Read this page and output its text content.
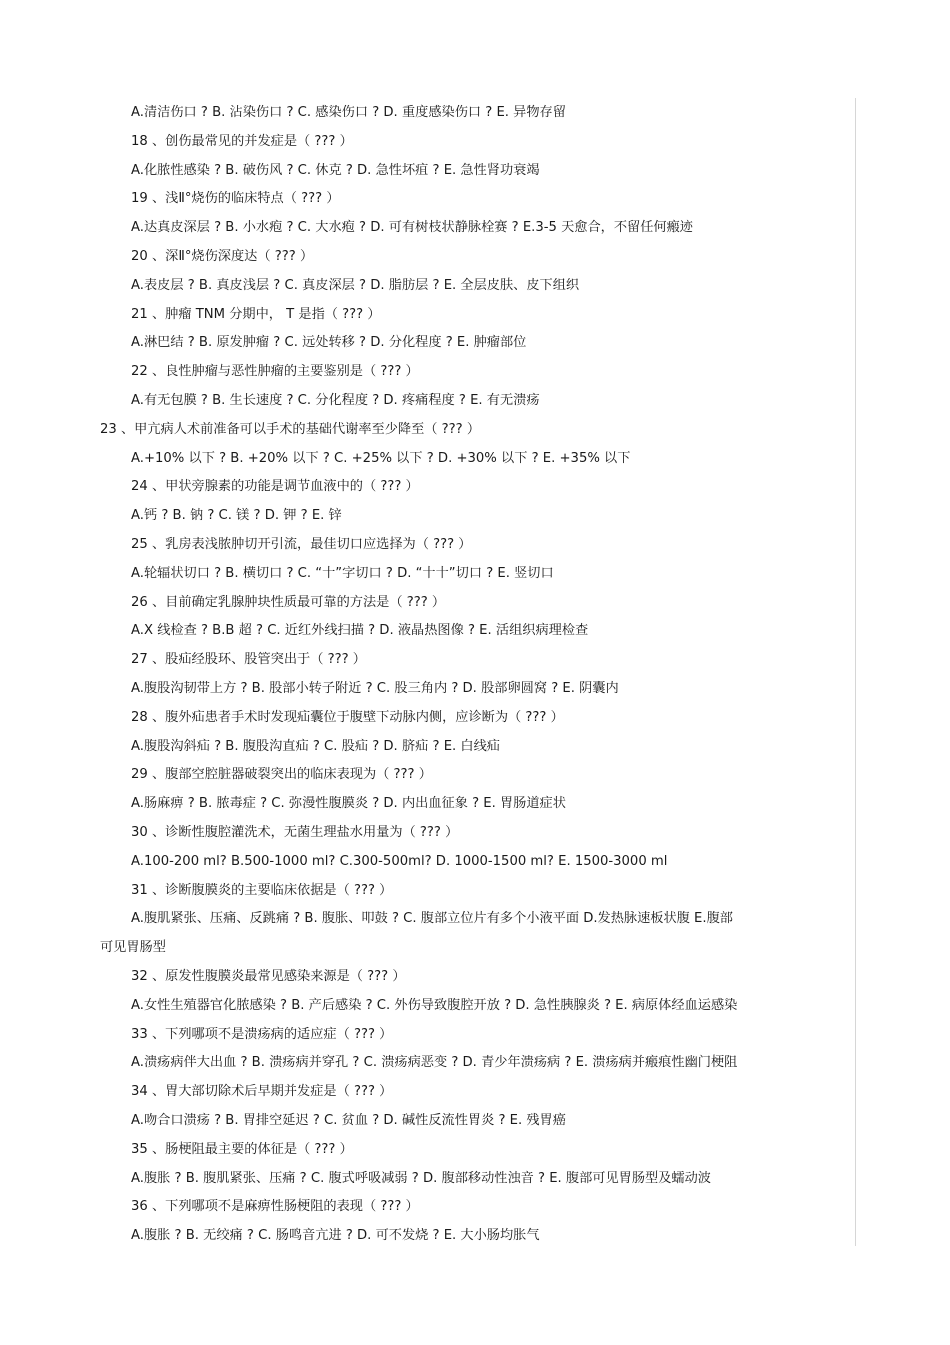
A.清洁伤口 ? B. 沾染伤口 ? C. 感染伤口 ? D. 重度感染伤口 ? E. 异物存留
18 、创伤最常见的并发症是（ ??? ）
A.化脓性感染 ? B. 破伤风 ? C. 休克 ? D. 急性坏疽 ? E. 急性肾功衰竭
19 、浅Ⅱ°烧伤的临床特点（ ??? ）
A.达真皮深层 ? B. 小水疱 ? C. 大水疱 ? D. 可有树枝状静脉栓赛 ? E.3-5 天愈合，不留任何瘢迹
20 、深Ⅱ°烧伤深度达（ ??? ）
A.表皮层 ? B. 真皮浅层 ? C. 真皮深层 ? D. 脂肪层 ? E. 全层皮肤、皮下组织
21 、肿瘤 TNM 分期中， T 是指（ ??? ）
A.淋巴结 ? B. 原发肿瘤 ? C. 远处转移 ? D. 分化程度 ? E. 肿瘤部位
22 、良性肿瘤与恶性肿瘤的主要鉴别是（ ??? ）
A.有无包膜 ? B. 生长速度 ? C. 分化程度 ? D. 疼痛程度 ? E. 有无溃疡
23 、甲亢病人术前准备可以手术的基础代谢率至少降至（ ??? ）
A.+10% 以下 ? B. +20% 以下 ? C. +25% 以下 ? D. +30% 以下 ? E. +35% 以下
24 、甲状旁腺素的功能是调节血液中的（ ??? ）
A.钙 ? B. 钠 ? C. 镁 ? D. 钾 ? E. 锌
25 、乳房表浅脓肿切开引流，最佳切口应选择为（ ??? ）
A.轮辐状切口 ? B. 横切口 ? C. “十”字切口 ? D. “十十”切口 ? E. 竖切口
26 、目前确定乳腺肿块性质最可靠的方法是（ ??? ）
A.X 线检查 ? B.B 超 ? C. 近红外线扫描 ? D. 液晶热图像 ? E. 活组织病理检查
27 、股疝经股环、股管突出于（ ??? ）
A.腹股沟韧带上方 ? B. 股部小转子附近 ? C. 股三角内 ? D. 股部卵圆窝 ? E. 阴囊内
28 、腹外疝患者手术时发现疝囊位于腹壁下动脉内侧，应诊断为（ ??? ）
A.腹股沟斜疝 ? B. 腹股沟直疝 ? C. 股疝 ? D. 脐疝 ? E. 白线疝
29 、腹部空腔脏器破裂突出的临床表现为（ ??? ）
A.肠麻痹 ? B. 脓毒症 ? C. 弥漫性腹膜炎 ? D. 内出血征象 ? E. 胃肠道症状
30 、诊断性腹腔灌洗术，无菌生理盐水用量为（ ??? ）
A.100-200 ml? B.500-1000 ml? C.300-500ml? D. 1000-1500 ml? E. 1500-3000 ml
31 、诊断腹膜炎的主要临床依据是（ ??? ）
A.腹肌紧张、压痛、反跳痛 ? B. 腹胀、叩鼓 ? C. 腹部立位片有多个小液平面 D.发热脉速板状腹 E.腹部
可见胃肠型
32 、原发性腹膜炎最常见感染来源是（ ??? ）
A.女性生殖器官化脓感染 ? B. 产后感染 ? C. 外伤导致腹腔开放 ? D. 急性胰腺炎 ? E. 病原体经血运感染
33 、下列哪项不是溃疡病的适应症（ ??? ）
A.溃疡病伴大出血 ? B. 溃疡病并穿孔 ? C. 溃疡病恶变 ? D. 青少年溃疡病 ? E. 溃疡病并瘢痕性幽门梗阻
34 、胃大部切除术后早期并发症是（ ??? ）
A.吻合口溃疡 ? B. 胃排空延迟 ? C. 贫血 ? D. 碱性反流性胃炎 ? E. 残胃癌
35 、肠梗阻最主要的体征是（ ??? ）
A.腹胀 ? B. 腹肌紧张、压痛 ? C. 腹式呼吸减弱 ? D. 腹部移动性浊音 ? E. 腹部可见胃肠型及蠕动波
36 、下列哪项不是麻痹性肠梗阻的表现（ ??? ）
A.腹胀 ? B. 无绞痛 ? C. 肠鸣音亢进 ? D. 可不发烧 ? E. 大小肠均胀气
